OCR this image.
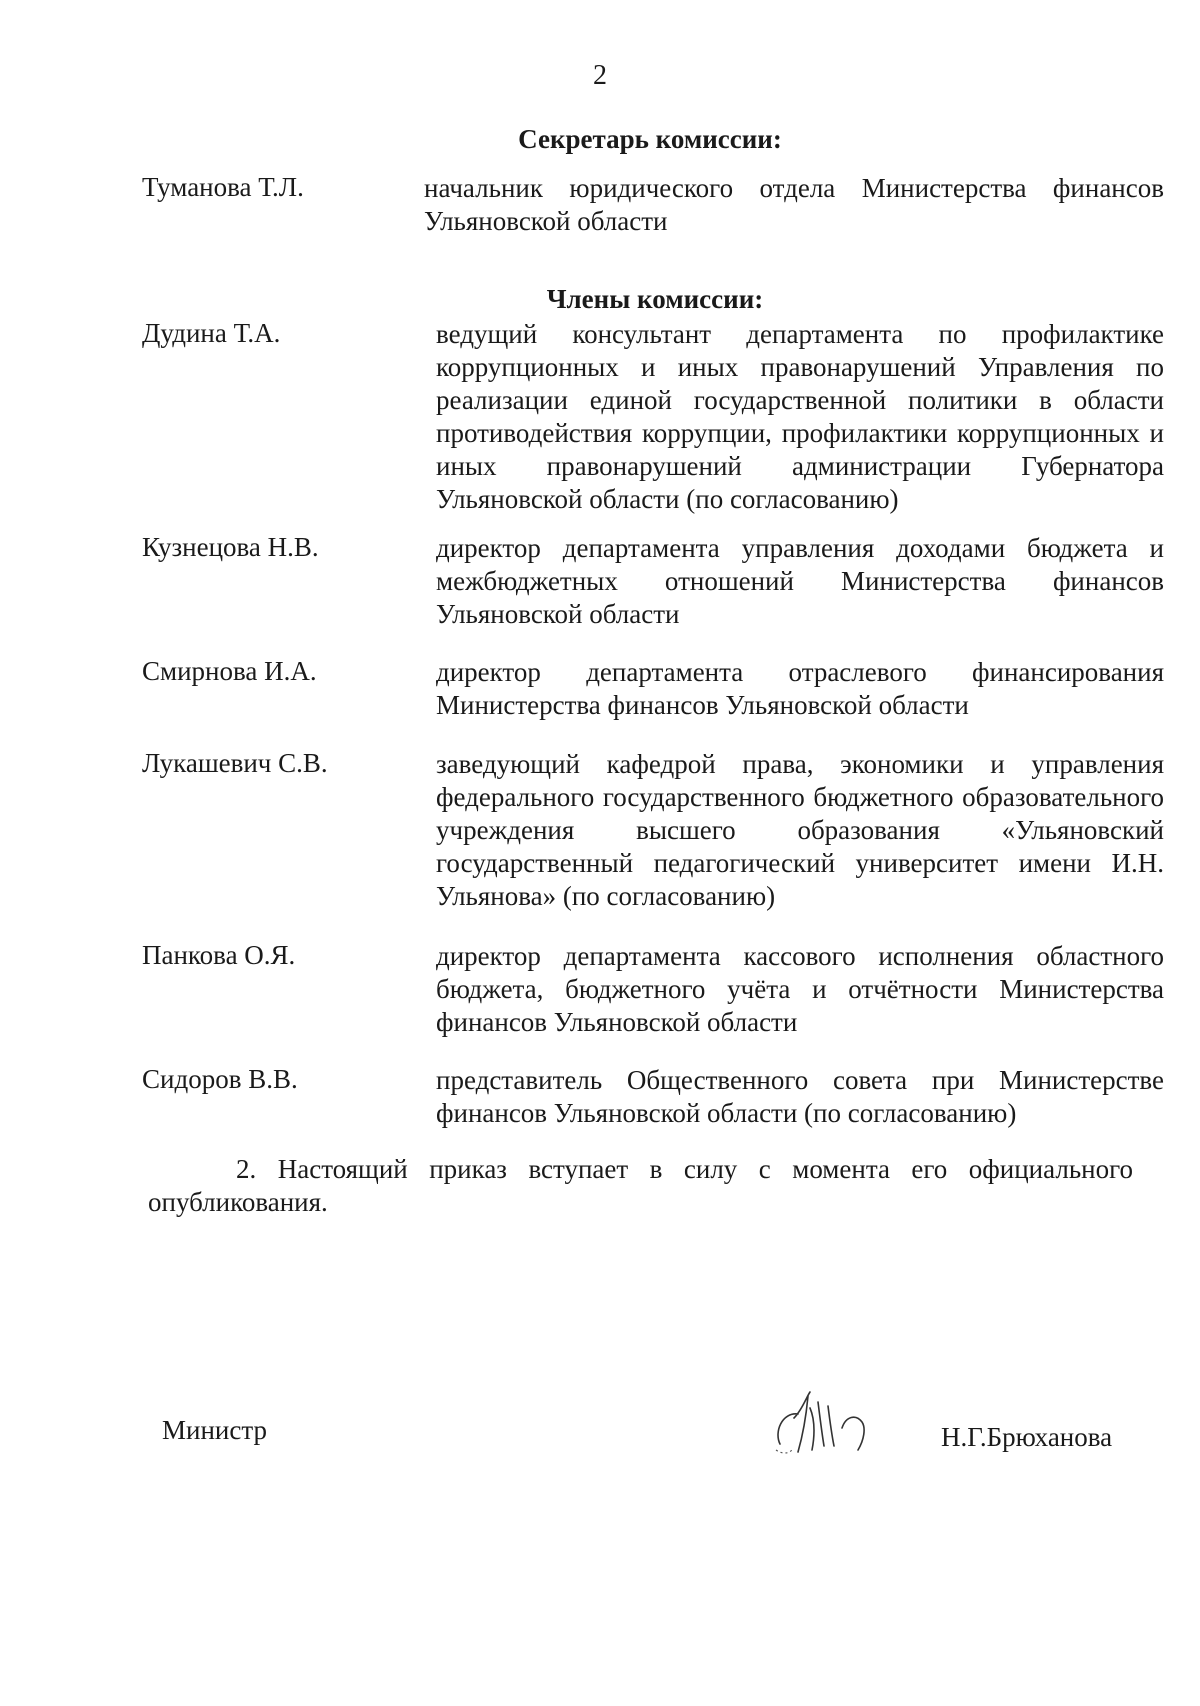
2
Секретарь комиссии:
Туманова Т.Л.	начальник юридического отдела Министерства финансов Ульяновской области
Члены комиссии:
Дудина Т.А.	ведущий консультант департамента по профилактике коррупционных и иных правонарушений Управления по реализации единой государственной политики в области противодействия коррупции, профилактики коррупционных и иных правонарушений администрации Губернатора Ульяновской области (по согласованию)
Кузнецова Н.В.	директор департамента управления доходами бюджета и межбюджетных отношений Министерства финансов Ульяновской области
Смирнова И.А.	директор департамента отраслевого финансирования Министерства финансов Ульяновской области
Лукашевич С.В.	заведующий кафедрой права, экономики и управления федерального государственного бюджетного образовательного учреждения высшего образования «Ульяновский государственный педагогический университет имени И.Н. Ульянова» (по согласованию)
Панкова О.Я.	директор департамента кассового исполнения областного бюджета, бюджетного учёта и отчётности Министерства финансов Ульяновской области
Сидоров В.В.	представитель Общественного совета при Министерстве финансов Ульяновской области (по согласованию)
2. Настоящий приказ вступает в силу с момента его официального опубликования.
Министр	Н.Г.Брюханова
